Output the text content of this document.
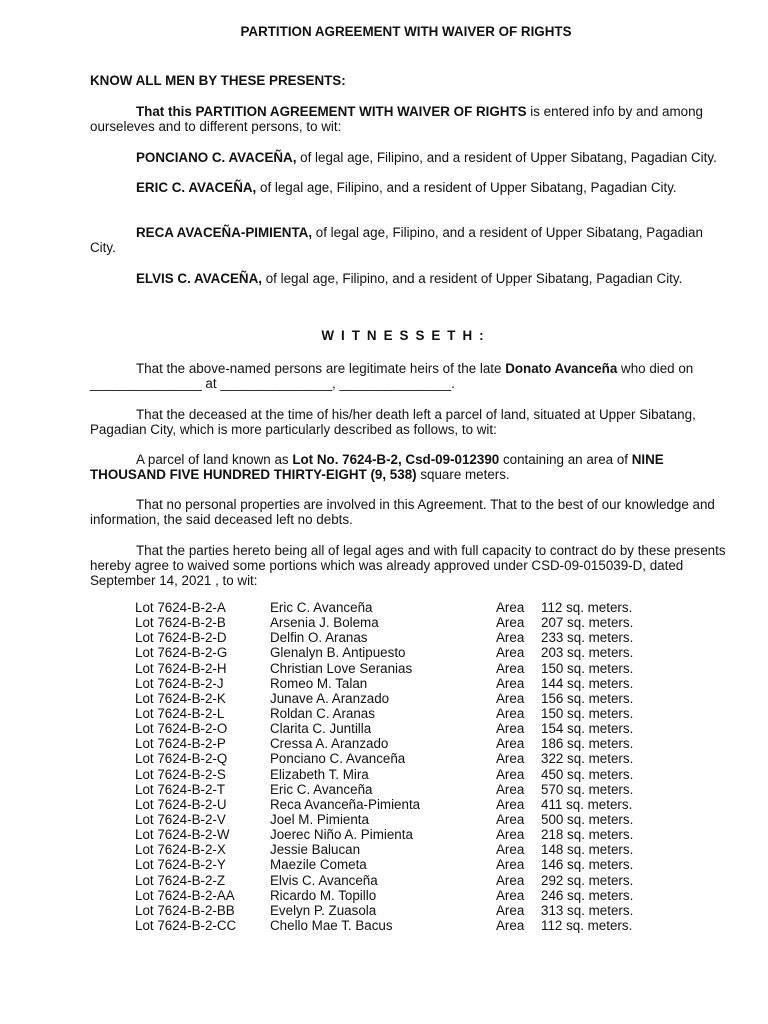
PARTITION AGREEMENT WITH WAIVER OF RIGHTS
KNOW ALL MEN BY THESE PRESENTS:
That this PARTITION AGREEMENT WITH WAIVER OF RIGHTS is entered info by and among ourseleves and to different persons, to wit:
PONCIANO C. AVACEÑA, of legal age, Filipino, and a resident of Upper Sibatang, Pagadian City.
ERIC C. AVACEÑA, of legal age, Filipino, and a resident of Upper Sibatang, Pagadian City.
RECA AVACEÑA-PIMIENTA, of legal age, Filipino, and a resident of Upper Sibatang, Pagadian City.
ELVIS C. AVACEÑA, of legal age, Filipino, and a resident of Upper Sibatang, Pagadian City.
WITNESSETH:
That the above-named persons are legitimate heirs of the late Donato Avanceña who died on _______________ at _______________, _______________.
That the deceased at the time of his/her death left a parcel of land, situated at Upper Sibatang, Pagadian City, which is more particularly described as follows, to wit:
A parcel of land known as Lot No. 7624-B-2, Csd-09-012390 containing an area of NINE THOUSAND FIVE HUNDRED THIRTY-EIGHT (9, 538) square meters.
That no personal properties are involved in this Agreement. That to the best of our knowledge and information, the said deceased left no debts.
That the parties hereto being all of legal ages and with full capacity to contract do by these presents hereby agree to waived some portions which was already approved under CSD-09-015039-D, dated September 14, 2021 , to wit:
Lot 7624-B-2-A	Eric C. Avanceña	Area 112 sq. meters.
Lot 7624-B-2-B	Arsenia J. Bolema	Area 207 sq. meters.
Lot 7624-B-2-D	Delfin O. Aranas	Area 233 sq. meters.
Lot 7624-B-2-G	Glenalyn B. Antipuesto	Area 203 sq. meters.
Lot 7624-B-2-H	Christian Love Seranias	Area 150 sq. meters.
Lot 7624-B-2-J	Romeo M. Talan	Area 144 sq. meters.
Lot 7624-B-2-K	Junave A. Aranzado	Area 156 sq. meters.
Lot 7624-B-2-L	Roldan C. Aranas	Area 150 sq. meters.
Lot 7624-B-2-O	Clarita C. Juntilla	Area 154 sq. meters.
Lot 7624-B-2-P	Cressa A. Aranzado	Area 186 sq. meters.
Lot 7624-B-2-Q	Ponciano C. Avanceña	Area 322 sq. meters.
Lot 7624-B-2-S	Elizabeth T. Mira	Area 450 sq. meters.
Lot 7624-B-2-T	Eric C. Avanceña	Area 570 sq. meters.
Lot 7624-B-2-U	Reca Avanceña-Pimienta	Area 411 sq. meters.
Lot 7624-B-2-V	Joel M. Pimienta	Area 500 sq. meters.
Lot 7624-B-2-W	Joerec Niño A. Pimienta	Area 218 sq. meters.
Lot 7624-B-2-X	Jessie Balucan	Area 148 sq. meters.
Lot 7624-B-2-Y	Maezile Cometa	Area 146 sq. meters.
Lot 7624-B-2-Z	Elvis C. Avanceña	Area 292 sq. meters.
Lot 7624-B-2-AA	Ricardo M. Topillo	Area 246 sq. meters.
Lot 7624-B-2-BB	Evelyn P. Zuasola	Area 313 sq. meters.
Lot 7624-B-2-CC	Chello Mae T. Bacus	Area 112 sq. meters.
